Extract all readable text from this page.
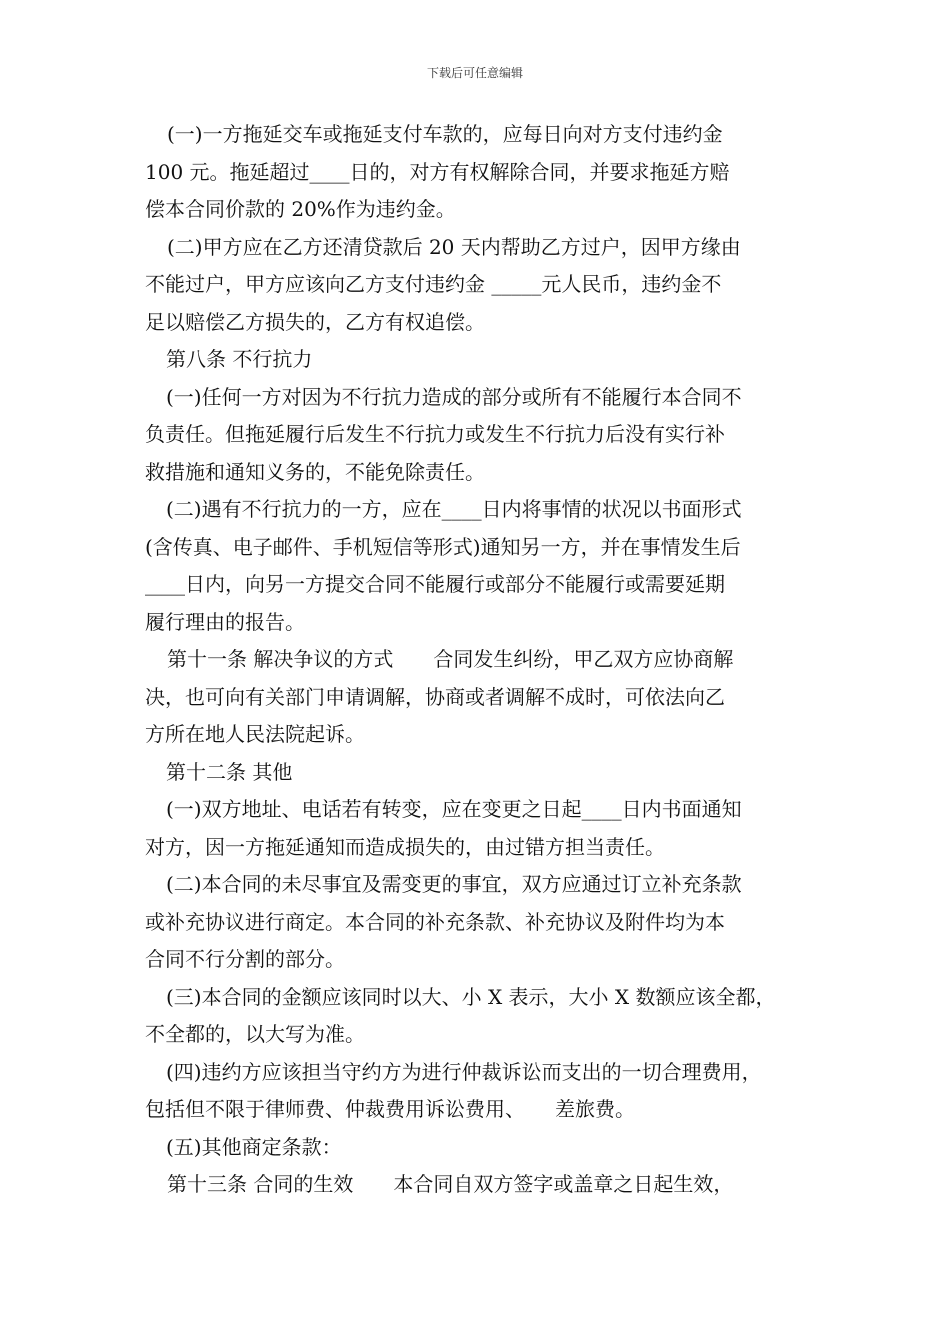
下载后可任意编辑
(一)一方拖延交车或拖延支付车款的，应每日向对方支付违约金
100 元。拖延超过____日的，对方有权解除合同，并要求拖延方赔
偿本合同价款的 20%作为违约金。
(二)甲方应在乙方还清贷款后 20 天内帮助乙方过户，因甲方缘由
不能过户，甲方应该向乙方支付违约金 _____元人民币，违约金不
足以赔偿乙方损失的，乙方有权追偿。
第八条 不行抗力
(一)任何一方对因为不行抗力造成的部分或所有不能履行本合同不
负责任。但拖延履行后发生不行抗力或发生不行抗力后没有实行补
救措施和通知义务的，不能免除责任。
(二)遇有不行抗力的一方，应在____日内将事情的状况以书面形式
(含传真、电子邮件、手机短信等形式)通知另一方，并在事情发生后
____日内，向另一方提交合同不能履行或部分不能履行或需要延期
履行理由的报告。
第十一条 解决争议的方式　　合同发生纠纷，甲乙双方应协商解
决，也可向有关部门申请调解，协商或者调解不成时，可依法向乙
方所在地人民法院起诉。
第十二条 其他
(一)双方地址、电话若有转变，应在变更之日起____日内书面通知
对方，因一方拖延通知而造成损失的，由过错方担当责任。
(二)本合同的未尽事宜及需变更的事宜，双方应通过订立补充条款
或补充协议进行商定。本合同的补充条款、补充协议及附件均为本
合同不行分割的部分。
(三)本合同的金额应该同时以大、小 X 表示，大小 X 数额应该全都，
不全都的，以大写为准。
(四)违约方应该担当守约方为进行仲裁诉讼而支出的一切合理费用，
包括但不限于律师费、仲裁费用诉讼费用、　　差旅费。
(五)其他商定条款：
第十三条 合同的生效　　本合同自双方签字或盖章之日起生效，
